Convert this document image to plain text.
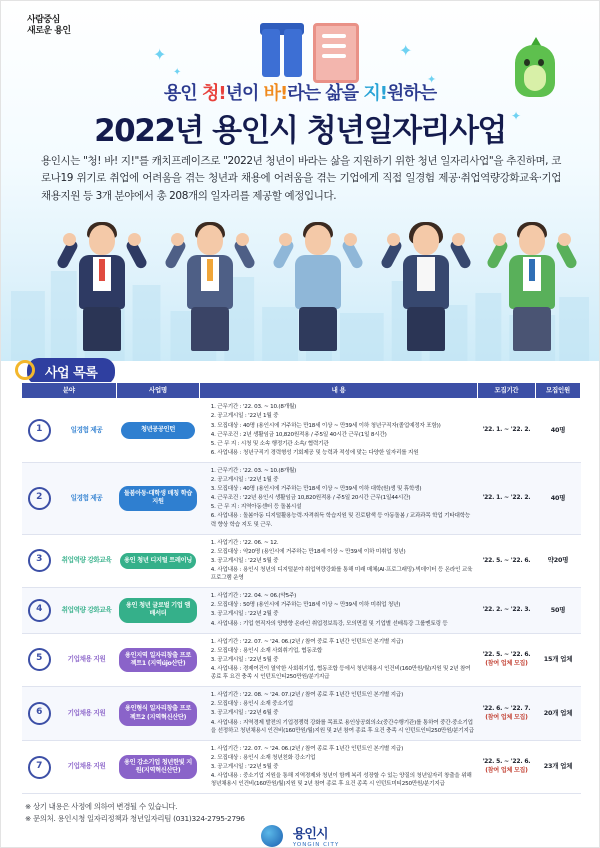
사람중심
새로운 용인
✦
✦
✦
✦
✦
용인 청!년이 바!라는 삶을 지!원하는
2022년 용인시 청년일자리사업
용인시는 "청! 바! 지!"를 캐치프레이즈로 "2022년 청년이 바라는 삶을 지원하기 위한 청년 일자리사업"을 추진하며, 코로나19 위기로 취업에 어려움을 겪는 청년과 채용에 어려움을 겪는 기업에게 직접 일경험 제공·취업역량강화교육·기업채용지원 등 3개 분야에서 총 208개의 일자리를 제공할 예정입니다.
사업 목록
분야		사업명	내 용	모집기간	모집인원
1	일경험 제공	청년공공인턴	
1. 근무기간 : '22. 03. ~ 10.(8개월)
2. 공고게시일 : '22년 1월 중
3. 모집대상 : 40명 (용인시에 거주하는 만18세 이상 ~ 만39세 이하 청년구직자(졸업예정자 포함))
4. 근무조건 : 2년 생활임금 10,820원적용 / 주5일 40시간 근무(1일 8시간)
5. 근 무 지 : 시청 및 소속 행정기관 소속/ 협력기관
6. 사업내용 : 청년구직기 경력형성 기회제공 및 능력과 적성에 맞는 다양한 일자리를 지원
	'22. 1. ~ '22. 2.	40명
2	일경험 제공	돌봄아동·대학생 매칭 학습지원	
1. 근무기간 : '22. 03. ~ 10.(8개월)
2. 공고게시일 : '22년 1월 중
3. 모집대상 : 40명 (용인시에 거주하는 만18세 이상 ~ 만39세 이하 대학(원)생 및 휴학생)
4. 근무조건 : '22년 용인시 생활임금 10,820원적용 / 주5일 20시간 근무(1일44시간)
5. 근 무 지 : 지역아동센터 등 돌봄시설
6. 사업내용 : 돌봄아동 디지털활용능력·자격취득 학습지원 및 진로탐색 등 아동돌봄 / 교과과목 학업 기타대학능력 향상 학습 지도 및 근무.
	'22. 1. ~ '22. 2.	40명
3	취업역량 강화교육	용인 청년 디지털 트레이닝	
1. 사업기간 : '22. 06. ~ 12.
2. 모집대상 : 약20명 (용인시에 거주하는 만18세 이상 ~ 만39세 이하 미취업 청년)
3. 공고게시일 : '22년 5월 중
4. 사업내용 : 용인시 청년의 디지털분야 취업역량강화를 통해 미래 매체(AI·프로그래밍)·빅데이터 등 온라인 교육프로그램 운영
	'22. 5. ~ '22. 6.	약20명
4	취업역량 강화교육	용인 청년 글로벌 기업 앰배서더	
1. 사업기간 : '22. 04. ~ 06.(약5주)
2. 모집대상 : 50명 (용인시에 거주하는 만18세 이상 ~ 만39세 이하 미취업 청년)
3. 공고게시일 : '22년 2월 중
4. 사업내용 : 기업 현직자의 양방향 온라인 취업정보특강, 모의면접 및 기업별 선배특강 그룹멘토링 등
	'22. 2. ~ '22. 3.	50명
5	기업채용 지원	용인지역 일자리창출 프로젝트1 (지역újo산단)	
1. 사업기간 : '22. 07. ~ '24. 06.(2년 / 참여 중료 후 1년간 인턴트인 본기별 지급)
2. 모집대상 : 용인시 소재 사회취기업, 협동조합
3. 공고게시일 : '22년 5월 중
4. 사업내용 : 경제여건이 열악한 사회취기업, 협동조합 등에서 청년채용시 인건비(160만원/월)지원 및 2년 참여 종료 후 요건 충족 시 인턴트인티250만원/분기지급
	'22. 5. ~ '22. 6.
(참여 업체 모집)
	15개 업체
6	기업채용 지원	용인형식 일자리창출 프로젝트2 (지역혁신산단)	
1. 사업기간 : '22. 08. ~ '24. 07.(2년 / 참여 종료 후 1년간 인턴트인 본기별 지급)
2. 모집대상 : 용인시 소재 중소기업
3. 공고게시일 : '22년 6월 중
4. 사업내용 : 지역경제 발전의 기업경쟁력 강화를 목표로 용인상공회의소(중간수행기관)를 통하여 중간·중소기업을 선정하고 청년채용시 인건비(160만원/월)지원 및 2년 참여 종료 후 요건 충족 시 인턴트인티250만원/분기지급
	'22. 6. ~ '22. 7.
(참여 업체 모집)
	20개 업체
7	기업채용 지원	용인 강소기업 청년한빛 지원(지역혁신산단)	
1. 사업기간 : '22. 07. ~ '24. 06.(2년 / 참여 종료 후 1년간 인턴트인 본기별 지급)
2. 모집대상 : 용인시 소재 청년친화 강소기업
3. 공고게시일 : '22년 5월 중
4. 사업내용 : 중소기업 지원을 통해 지역경제와 청년이 함께 복리 성장할 수 있는 양질의 청년일자리 창출을 위해 청년채용시 인건비(160만원/월)지원 및 2년 참여 종료 후 요건 종족 시 인턴트미티250만원/분기지급
	'22. 5. ~ '22. 6.
(참여 업체 모집)
	23개 업체
※ 상기 내용은 사정에 의하여 변경될 수 있습니다.
※ 문의처. 용인시청 일자리정책과 청년일자리팀 (031)324-2795-2796

용인시
YONGIN CITY
